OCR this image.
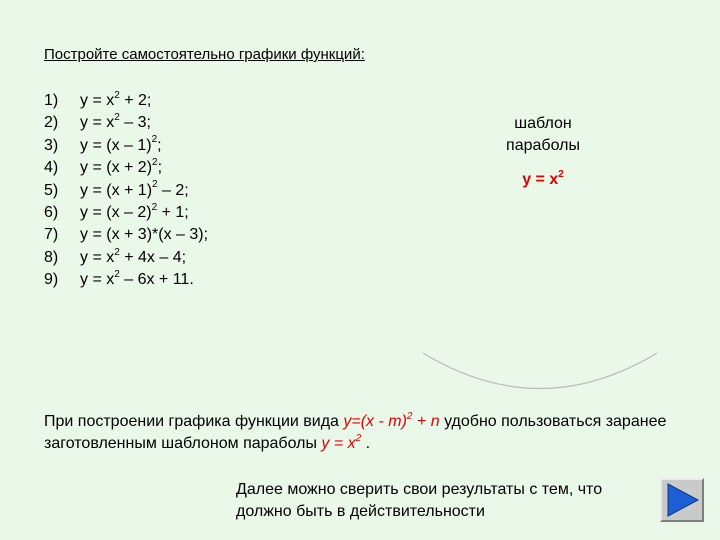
Постройте самостоятельно графики функций:
1)	$y = x^2 + 2$;
2)	$y = x^2 - 3$;
3)	y = (x – 1)$^2$;
4)	$y = (x + 2)^2$;
5)	$y = (x + 1)^2 - 2$;
6)	y = (x – 2)$^2$ + 1;
7)	y = (x + 3)*(x – 3);
8)	$y = x^2 + 4x - 4$;
9)	$y = x^2 - 6x + 11$.
шаблон
параболы
$y = x^2$
При построении графика функции вида y=(x - m)$^2$ + n удобно пользоваться заранее заготовленным шаблоном параболы $y = x^2$ .
Далее можно сверить свои результаты с тем, что должно быть в действительности
